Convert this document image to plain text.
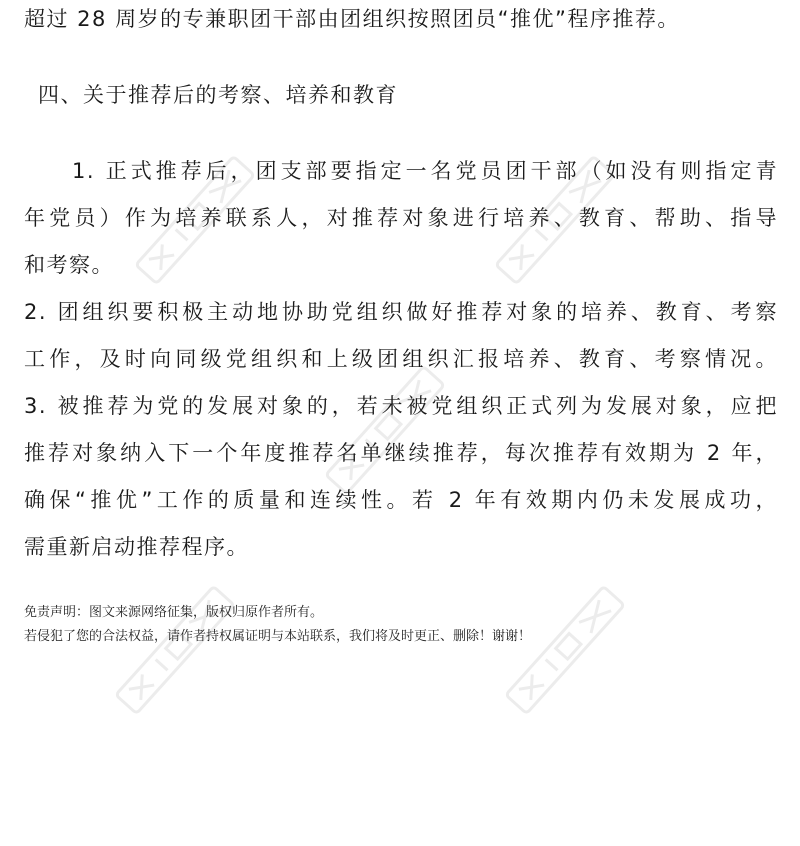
超过 28 周岁的专兼职团干部由团组织按照团员“推优”程序推荐。
四、关于推荐后的考察、培养和教育
1. 正式推荐后，团支部要指定一名党员团干部（如没有则指定青
年党员）作为培养联系人，对推荐对象进行培养、教育、帮助、指导
和考察。
2. 团组织要积极主动地协助党组织做好推荐对象的培养、教育、考察
工作，及时向同级党组织和上级团组织汇报培养、教育、考察情况。
3. 被推荐为党的发展对象的，若未被党组织正式列为发展对象，应把
推荐对象纳入下一个年度推荐名单继续推荐，每次推荐有效期为 2 年，
确保“推优”工作的质量和连续性。若 2 年有效期内仍未发展成功，
需重新启动推荐程序。
免责声明：图文来源网络征集，版权归原作者所有。
若侵犯了您的合法权益，请作者持权属证明与本站联系，我们将及时更正、删除！谢谢！
